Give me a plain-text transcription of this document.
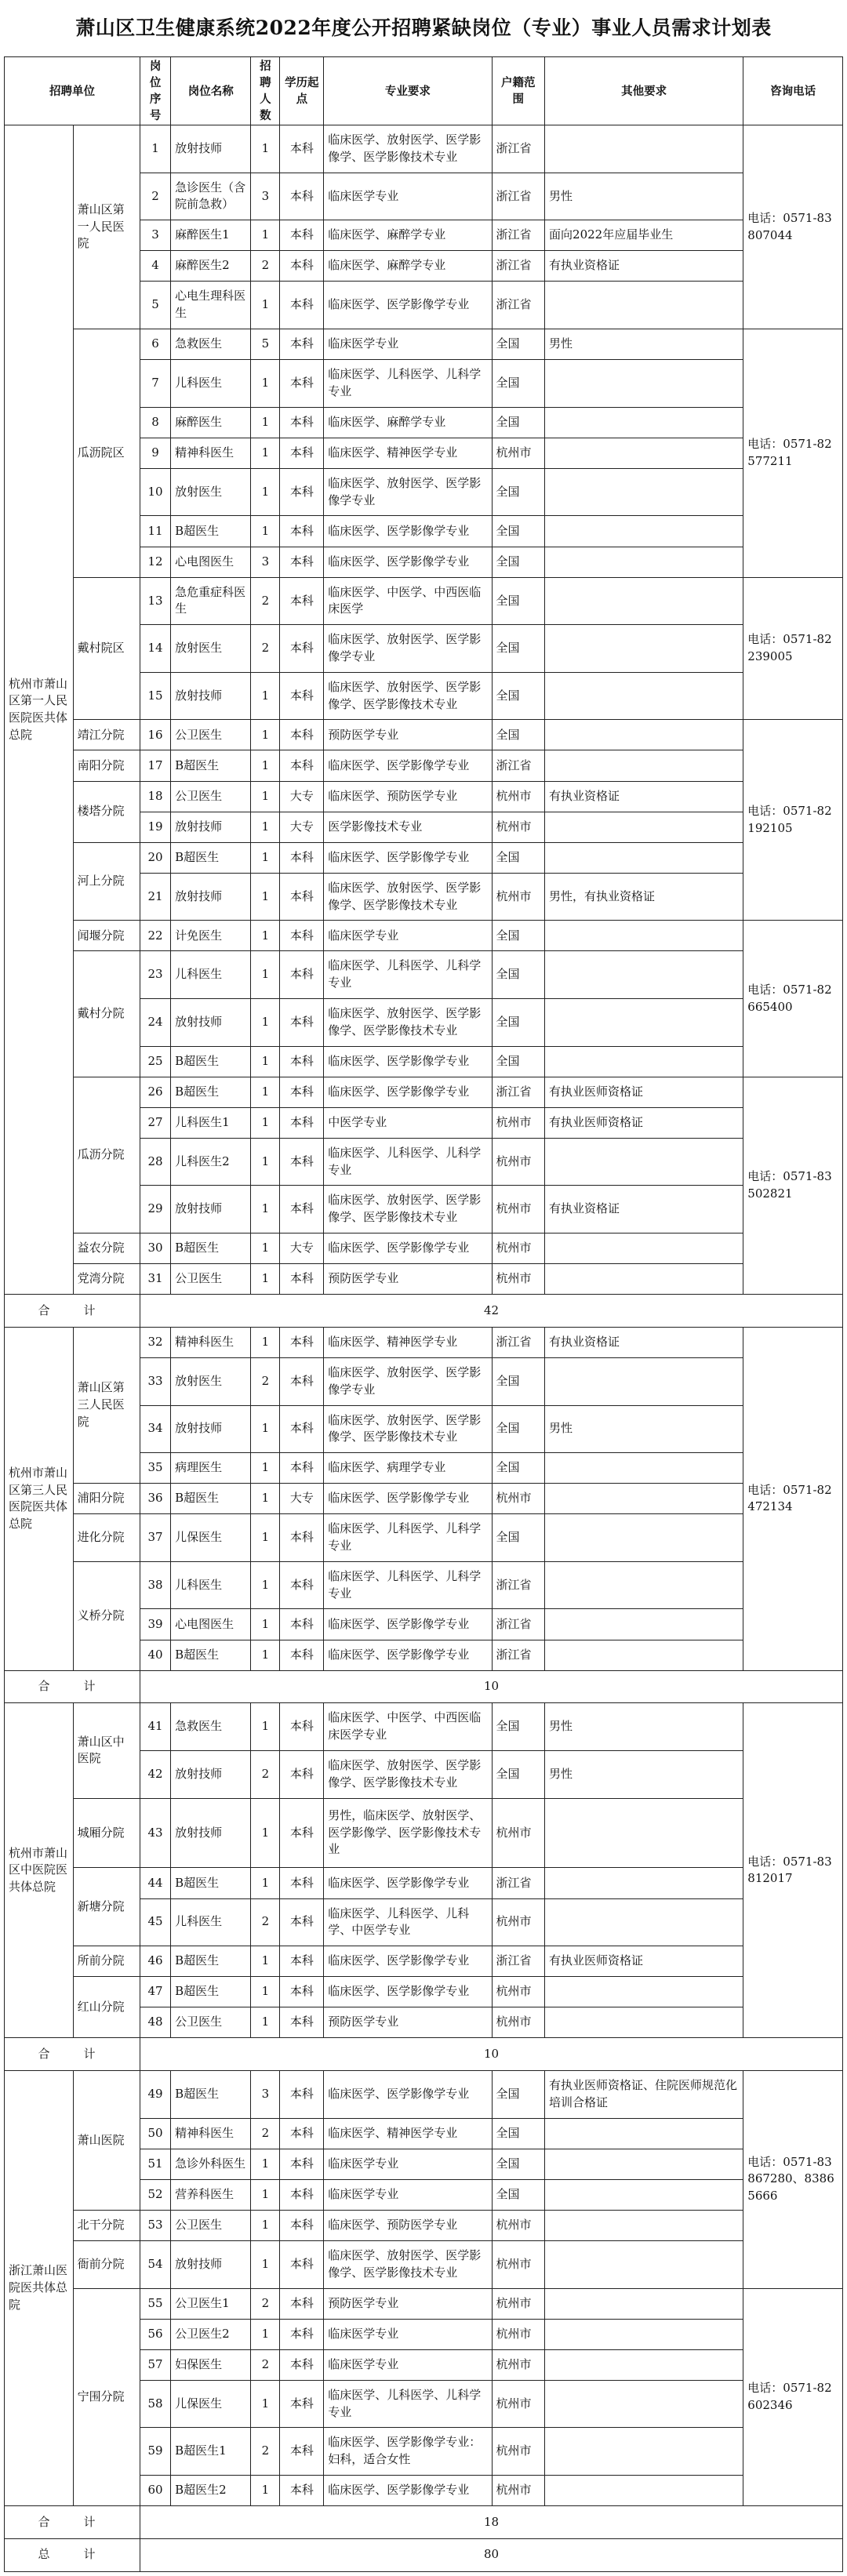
萧山区卫生健康系统2022年度公开招聘紧缺岗位（专业）事业人员需求计划表
招聘单位		岗位序号	岗位名称	招聘人数	学历起点	专业要求	户籍范围	其他要求	咨询电话
杭州市萧山区第一人民医院医共体总院	萧山区第一人民医院	1	放射技师	1	本科	临床医学、放射医学、医学影像学、医学影像技术专业	浙江省		电话：0571-83807044
		2	急诊医生（含院前急救）	3	本科	临床医学专业	浙江省	男性	
		3	麻醉医生1	1	本科	临床医学、麻醉学专业	浙江省	面向2022年应届毕业生	
		4	麻醉医生2	2	本科	临床医学、麻醉学专业	浙江省	有执业资格证	
		5	心电生理科医生	1	本科	临床医学、医学影像学专业	浙江省		
	瓜沥院区	6	急救医生	5	本科	临床医学专业	全国	男性	电话：0571-82577211
		7	儿科医生	1	本科	临床医学、儿科医学、儿科学专业	全国		
		8	麻醉医生	1	本科	临床医学、麻醉学专业	全国		
		9	精神科医生	1	本科	临床医学、精神医学专业	杭州市		
		10	放射医生	1	本科	临床医学、放射医学、医学影像学专业	全国		
		11	B超医生	1	本科	临床医学、医学影像学专业	全国		
		12	心电图医生	3	本科	临床医学、医学影像学专业	全国		
	戴村院区	13	急危重症科医生	2	本科	临床医学、中医学、中西医临床医学	全国		电话：0571-82239005
		14	放射医生	2	本科	临床医学、放射医学、医学影像学专业	全国		
		15	放射技师	1	本科	临床医学、放射医学、医学影像学、医学影像技术专业	全国		
	靖江分院	16	公卫医生	1	本科	预防医学专业	全国		电话：0571-82192105
	南阳分院	17	B超医生	1	本科	临床医学、医学影像学专业	浙江省		
	楼塔分院	18	公卫医生	1	大专	临床医学、预防医学专业	杭州市	有执业资格证	
		19	放射技师	1	大专	医学影像技术专业	杭州市		
	河上分院	20	B超医生	1	本科	临床医学、医学影像学专业	全国		
		21	放射技师	1	本科	临床医学、放射医学、医学影像学、医学影像技术专业	杭州市	男性，有执业资格证	
	闻堰分院	22	计免医生	1	本科	临床医学专业	全国		电话：0571-82665400
	戴村分院	23	儿科医生	1	本科	临床医学、儿科医学、儿科学专业	全国		
		24	放射技师	1	本科	临床医学、放射医学、医学影像学、医学影像技术专业	全国		
		25	B超医生	1	本科	临床医学、医学影像学专业	全国		
	瓜沥分院	26	B超医生	1	本科	临床医学、医学影像学专业	浙江省	有执业医师资格证	电话：0571-83502821
		27	儿科医生1	1	本科	中医学专业	杭州市	有执业医师资格证	
		28	儿科医生2	1	本科	临床医学、儿科医学、儿科学专业	杭州市		
		29	放射技师	1	本科	临床医学、放射医学、医学影像学、医学影像技术专业	杭州市	有执业资格证	
	益农分院	30	B超医生	1	大专	临床医学、医学影像学专业	杭州市		
	党湾分院	31	公卫医生	1	本科	预防医学专业	杭州市		
合　计		42							
杭州市萧山区第三人民医院医共体总院	萧山区第三人民医院	32	精神科医生	1	本科	临床医学、精神医学专业	浙江省	有执业资格证	电话：0571-82472134
		33	放射医生	2	本科	临床医学、放射医学、医学影像学专业	全国		
		34	放射技师	1	本科	临床医学、放射医学、医学影像学、医学影像技术专业	全国	男性	
		35	病理医生	1	本科	临床医学、病理学专业	全国		
	浦阳分院	36	B超医生	1	大专	临床医学、医学影像学专业	杭州市		
	进化分院	37	儿保医生	1	本科	临床医学、儿科医学、儿科学专业	全国		
	义桥分院	38	儿科医生	1	本科	临床医学、儿科医学、儿科学专业	浙江省		
		39	心电图医生	1	本科	临床医学、医学影像学专业	浙江省		
		40	B超医生	1	本科	临床医学、医学影像学专业	浙江省		
合　计		10							
杭州市萧山区中医院医共体总院	萧山区中医院	41	急救医生	1	本科	临床医学、中医学、中西医临床医学专业	全国	男性	电话：0571-83812017
		42	放射技师	2	本科	临床医学、放射医学、医学影像学、医学影像技术专业	全国	男性	
	城厢分院	43	放射技师	1	本科	男性，临床医学、放射医学、医学影像学、医学影像技术专业	杭州市		
	新塘分院	44	B超医生	1	本科	临床医学、医学影像学专业	浙江省		
		45	儿科医生	2	本科	临床医学、儿科医学、儿科学、中医学专业	杭州市		
	所前分院	46	B超医生	1	本科	临床医学、医学影像学专业	浙江省	有执业医师资格证	
	红山分院	47	B超医生	1	本科	临床医学、医学影像学专业	杭州市		
		48	公卫医生	1	本科	预防医学专业	杭州市		
合　计		10							
浙江萧山医院医共体总院	萧山医院	49	B超医生	3	本科	临床医学、医学影像学专业	全国	有执业医师资格证、住院医师规范化培训合格证	电话：0571-83867280、83865666
		50	精神科医生	2	本科	临床医学、精神医学专业	全国		
		51	急诊外科医生	1	本科	临床医学专业	全国		
		52	营养科医生	1	本科	临床医学专业	全国		
	北干分院	53	公卫医生	1	本科	临床医学、预防医学专业	杭州市		
	衙前分院	54	放射技师	1	本科	临床医学、放射医学、医学影像学、医学影像技术专业	杭州市		
	宁围分院	55	公卫医生1	2	本科	预防医学专业	杭州市		电话：0571-82602346
		56	公卫医生2	1	本科	临床医学专业	杭州市		
		57	妇保医生	2	本科	临床医学专业	杭州市		
		58	儿保医生	1	本科	临床医学、儿科医学、儿科学专业	杭州市		
		59	B超医生1	2	本科	临床医学、医学影像学专业：妇科，适合女性	杭州市		
		60	B超医生2	1	本科	临床医学、医学影像学专业	杭州市		
合　计		18							
总　计		80							
